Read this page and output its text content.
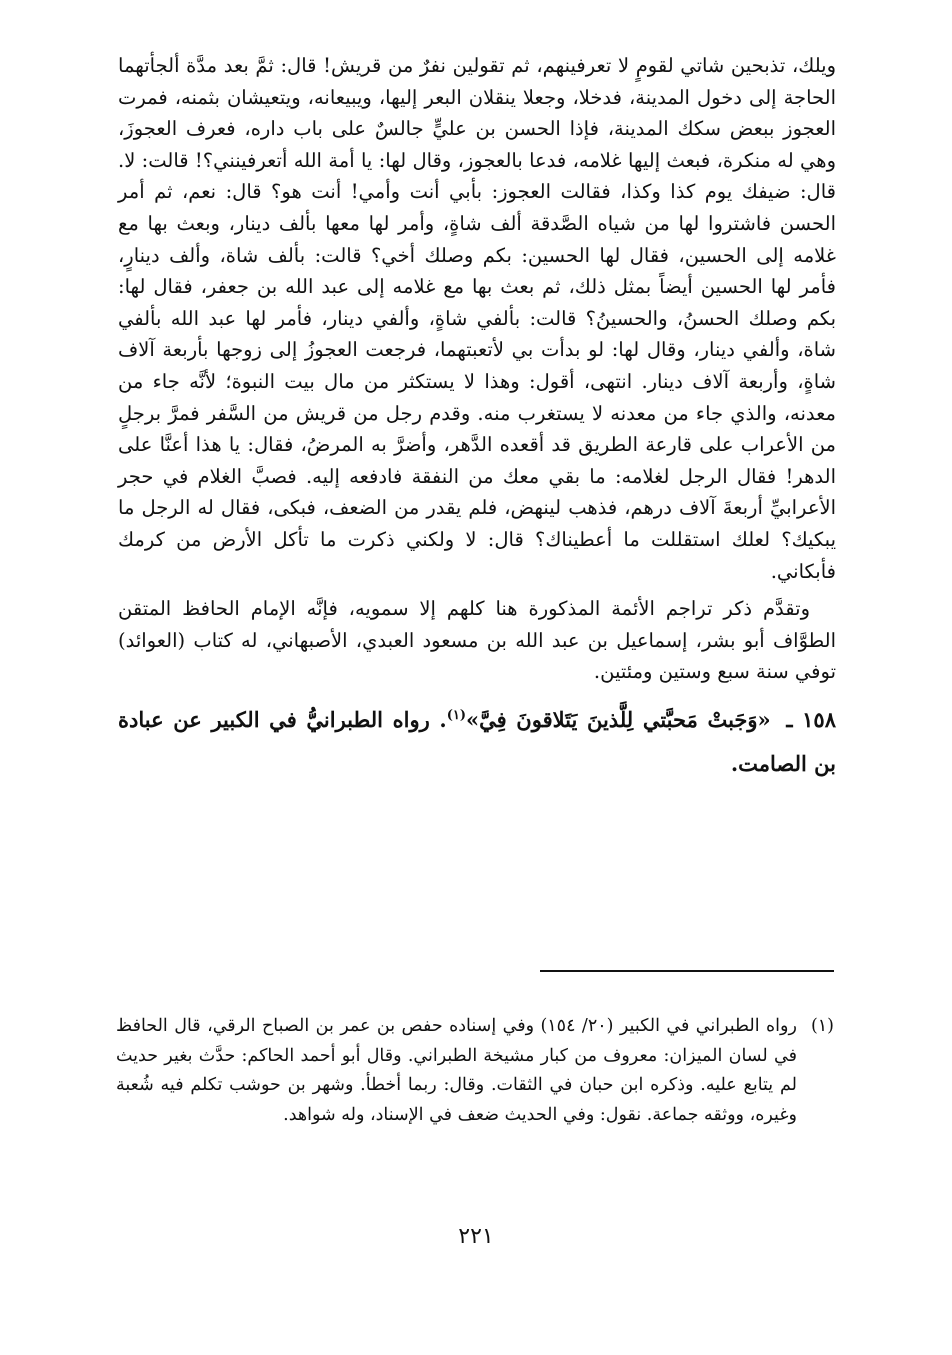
ويلك، تذبحين شاتي لقومٍ لا تعرفينهم، ثم تقولين نفرٌ من قريش! قال: ثمَّ بعد مدَّة ألجأتهما الحاجة إلى دخول المدينة، فدخلا، وجعلا ينقلان البعر إليها، ويبيعانه، ويتعيشان بثمنه، فمرت العجوز ببعض سكك المدينة، فإذا الحسن بن عليٍّ جالسٌ على باب داره، فعرف العجوزَ، وهي له منكرة، فبعث إليها غلامه، فدعا بالعجوز، وقال لها: يا أمة الله أتعرفينني؟! قالت: لا. قال: ضيفك يوم كذا وكذا، فقالت العجوز: بأبي أنت وأمي! أنت هو؟ قال: نعم، ثم أمر الحسن فاشتروا لها من شياه الصَّدقة ألف شاةٍ، وأمر لها معها بألف دينار، وبعث بها مع غلامه إلى الحسين، فقال لها الحسين: بكم وصلك أخي؟ قالت: بألف شاة، وألف دينارٍ، فأمر لها الحسين أيضاً بمثل ذلك، ثم بعث بها مع غلامه إلى عبد الله بن جعفر، فقال لها: بكم وصلك الحسنُ، والحسينُ؟ قالت: بألفي شاةٍ، وألفي دينار، فأمر لها عبد الله بألفي شاة، وألفي دينار، وقال لها: لو بدأت بي لأتعبتهما، فرجعت العجوزُ إلى زوجها بأربعة آلاف شاةٍ، وأربعة آلاف دينار. انتهى، أقول: وهذا لا يستكثر من مال بيت النبوة؛ لأنَّه جاء من معدنه، والذي جاء من معدنه لا يستغرب منه. وقدم رجل من قريش من السَّفر فمرَّ برجلٍ من الأعراب على قارعة الطريق قد أقعده الدَّهر، وأضرَّ به المرضُ، فقال: يا هذا أعنَّا على الدهر! فقال الرجل لغلامه: ما بقي معك من النفقة فادفعه إليه. فصبَّ الغلام في حجر الأعرابيِّ أربعةَ آلاف درهم، فذهب لينهض، فلم يقدر من الضعف، فبكى، فقال له الرجل ما يبكيك؟ لعلك استقللت ما أعطيناك؟ قال: لا ولكني ذكرت ما تأكل الأرض من كرمك فأبكاني.

وتقدَّم ذكر تراجم الأئمة المذكورة هنا كلهم إلا سمويه، فإنَّه الإمام الحافظ المتقن الطوَّاف أبو بشر، إسماعيل بن عبد الله بن مسعود العبدي، الأصبهاني، له كتاب (العوائد) توفي سنة سبع وستين ومئتين.

١٥٨ ـ «وَجَبتْ مَحبَّتي لِلَّذينَ يَتَلاقونَ فِيَّ»$^{(١)}$. رواه الطبرانيُّ في الكبير عن عبادة بن الصامت.

(١)

رواه الطبراني في الكبير (٢٠/ ١٥٤) وفي إسناده حفص بن عمر بن الصباح الرقي، قال الحافظ في لسان الميزان: معروف من كبار مشيخة الطبراني. وقال أبو أحمد الحاكم: حدَّث بغير حديث لم يتابع عليه. وذكره ابن حبان في الثقات. وقال: ربما أخطأ. وشهر بن حوشب تكلم فيه شُعبة وغيره، ووثقه جماعة. نقول: وفي الحديث ضعف في الإسناد، وله شواهد.

٢٢١
